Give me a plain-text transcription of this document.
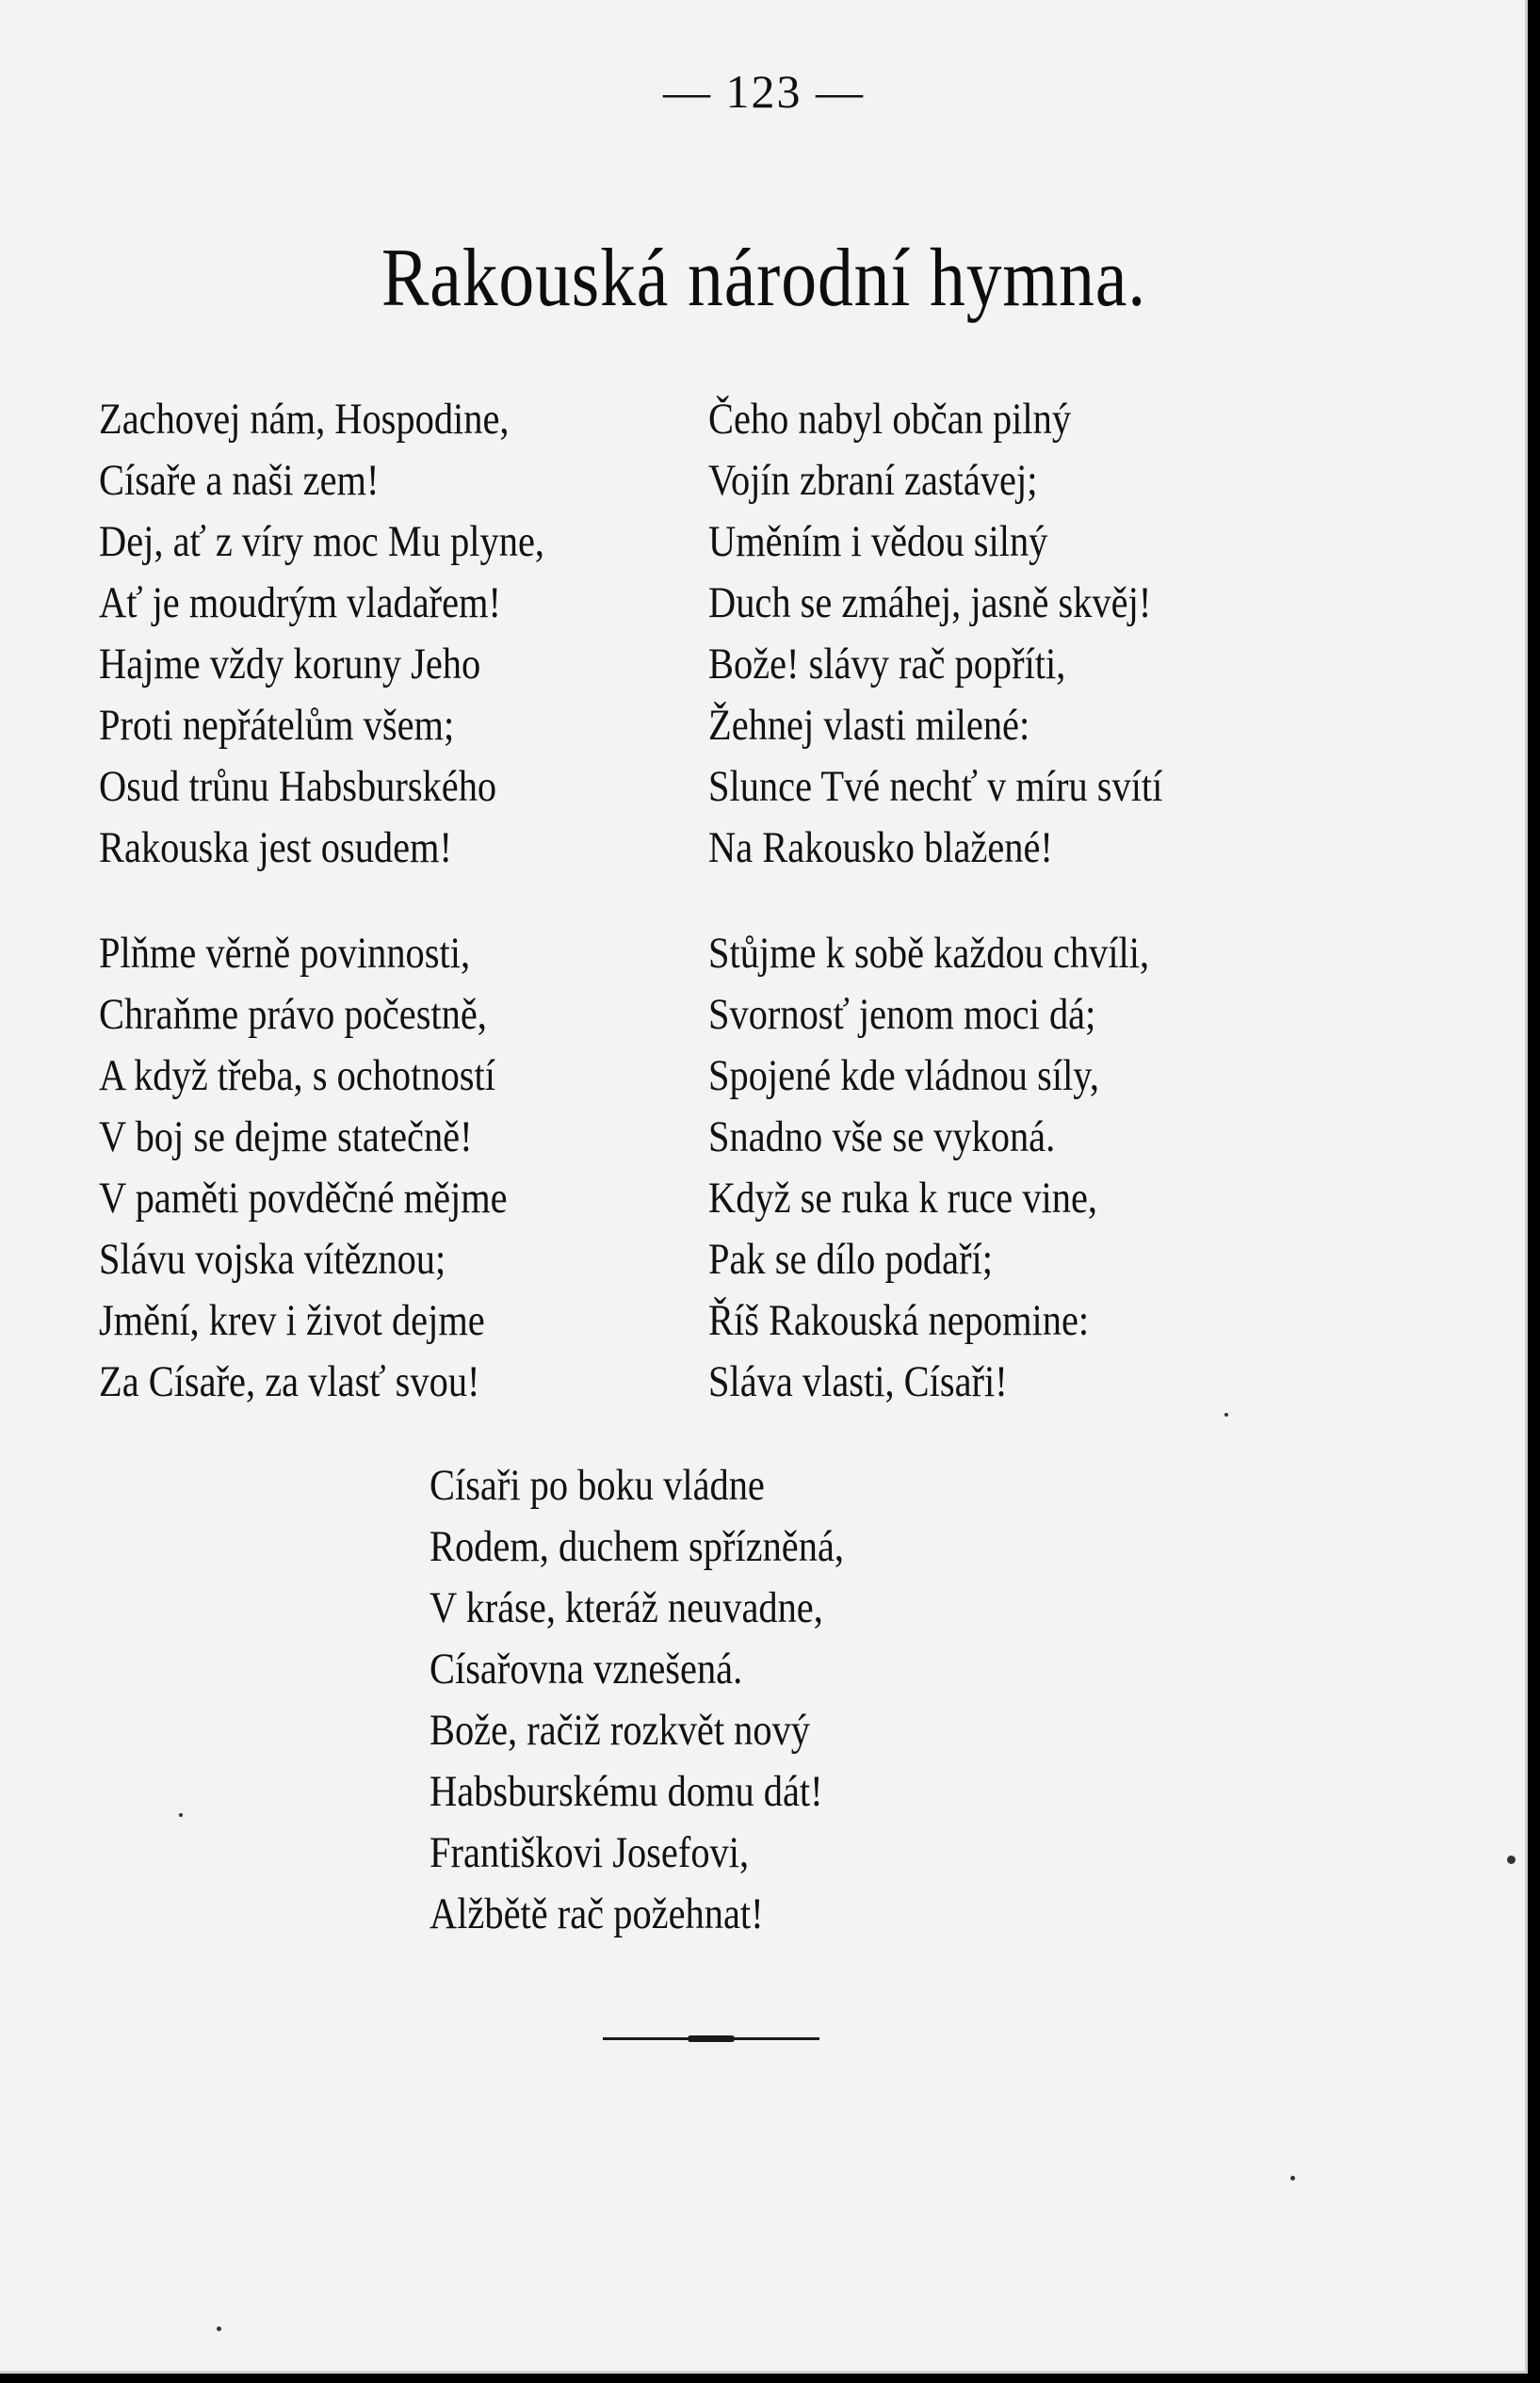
— 123 —
Rakouská národní hymna.
Zachovej nám, Hospodine,
Císaře a naši zem!
Dej, ať z víry moc Mu plyne,
Ať je moudrým vladařem!
Hajme vždy koruny Jeho
Proti nepřátelům všem;
Osud trůnu Habsburského
Rakouska jest osudem!
Čeho nabyl občan pilný
Vojín zbraní zastávej;
Uměním i vědou silný
Duch se zmáhej, jasně skvěj!
Bože! slávy rač popříti,
Žehnej vlasti milené:
Slunce Tvé nechť v míru svítí
Na Rakousko blažené!
Plňme věrně povinnosti,
Chraňme právo počestně,
A když třeba, s ochotností
V boj se dejme statečně!
V paměti povděčné mějme
Slávu vojska vítěznou;
Jmění, krev i život dejme
Za Císaře, za vlasť svou!
Stůjme k sobě každou chvíli,
Svornosť jenom moci dá;
Spojené kde vládnou síly,
Snadno vše se vykoná.
Když se ruka k ruce vine,
Pak se dílo podaří;
Říš Rakouská nepomine:
Sláva vlasti, Císaři!
Císaři po boku vládne
Rodem, duchem spřízněná,
V kráse, kteráž neuvadne,
Císařovna vznešená.
Bože, račiž rozkvět nový
Habsburskému domu dát!
Františkovi Josefovi,
Alžbětě rač požehnat!
